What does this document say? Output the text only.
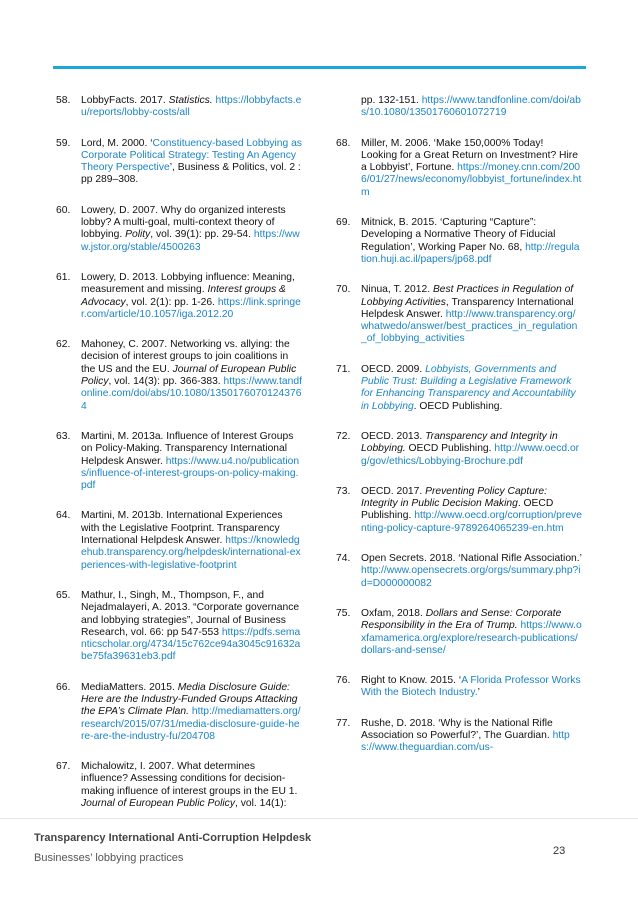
58. LobbyFacts. 2017. Statistics. https://lobbyfacts.eu/reports/lobby-costs/all
59. Lord, M. 2000. ‘Constituency-based Lobbying as Corporate Political Strategy: Testing An Agency Theory Perspective’, Business & Politics, vol. 2 : pp 289–308.
60. Lowery, D. 2007. Why do organized interests lobby? A multi-goal, multi-context theory of lobbying. Polity, vol. 39(1): pp. 29-54. https://www.jstor.org/stable/4500263
61. Lowery, D. 2013. Lobbying influence: Meaning, measurement and missing. Interest groups & Advocacy, vol. 2(1): pp. 1-26. https://link.springer.com/article/10.1057/iga.2012.20
62. Mahoney, C. 2007. Networking vs. allying: the decision of interest groups to join coalitions in the US and the EU. Journal of European Public Policy, vol. 14(3): pp. 366-383. https://www.tandfonline.com/doi/abs/10.1080/13501760701243764
63. Martini, M. 2013a. Influence of Interest Groups on Policy-Making. Transparency International Helpdesk Answer. https://www.u4.no/publications/influence-of-interest-groups-on-policy-making.pdf
64. Martini, M. 2013b. International Experiences with the Legislative Footprint. Transparency International Helpdesk Answer. https://knowledgehub.transparency.org/helpdesk/international-experiences-with-legislative-footprint
65. Mathur, I., Singh, M., Thompson, F., and Nejadmalayeri, A. 2013. “Corporate governance and lobbying strategies”, Journal of Business Research, vol. 66: pp 547-553 https://pdfs.semanticscholar.org/4734/15c762ce94a3045c91632abe75fa39631eb3.pdf
66. MediaMatters. 2015. Media Disclosure Guide: Here are the Industry-Funded Groups Attacking the EPA’s Climate Plan. http://mediamatters.org/research/2015/07/31/media-disclosure-guide-here-are-the-industry-fu/204708
67. Michalowitz, I. 2007. What determines influence? Assessing conditions for decision-making influence of interest groups in the EU 1. Journal of European Public Policy, vol. 14(1):
pp. 132-151. https://www.tandfonline.com/doi/abs/10.1080/13501760601072719
68. Miller, M. 2006. ‘Make 150,000% Today! Looking for a Great Return on Investment? Hire a Lobbyist’, Fortune. https://money.cnn.com/2006/01/27/news/economy/lobbyist_fortune/index.htm
69. Mitnick, B. 2015. ‘Capturing “Capture”: Developing a Normative Theory of Fiducial Regulation’, Working Paper No. 68, http://regulation.huji.ac.il/papers/jp68.pdf
70. Ninua, T. 2012. Best Practices in Regulation of Lobbying Activities, Transparency International Helpdesk Answer. http://www.transparency.org/whatwedo/answer/best_practices_in_regulation_of_lobbying_activities
71. OECD. 2009. Lobbyists, Governments and Public Trust: Building a Legislative Framework for Enhancing Transparency and Accountability in Lobbying. OECD Publishing.
72. OECD. 2013. Transparency and Integrity in Lobbying. OECD Publishing. http://www.oecd.org/gov/ethics/Lobbying-Brochure.pdf
73. OECD. 2017. Preventing Policy Capture: Integrity in Public Decision Making. OECD Publishing. http://www.oecd.org/corruption/preventing-policy-capture-9789264065239-en.htm
74. Open Secrets. 2018. ‘National Rifle Association.’ http://www.opensecrets.org/orgs/summary.php?id=D000000082
75. Oxfam, 2018. Dollars and Sense: Corporate Responsibility in the Era of Trump. https://www.oxfamamerica.org/explore/research-publications/dollars-and-sense/
76. Right to Know. 2015. ‘A Florida Professor Works With the Biotech Industry.’
77. Rushe, D. 2018. ‘Why is the National Rifle Association so Powerful?’, The Guardian. https://www.theguardian.com/us-
Transparency International Anti-Corruption Helpdesk
Businesses’ lobbying practices
23
